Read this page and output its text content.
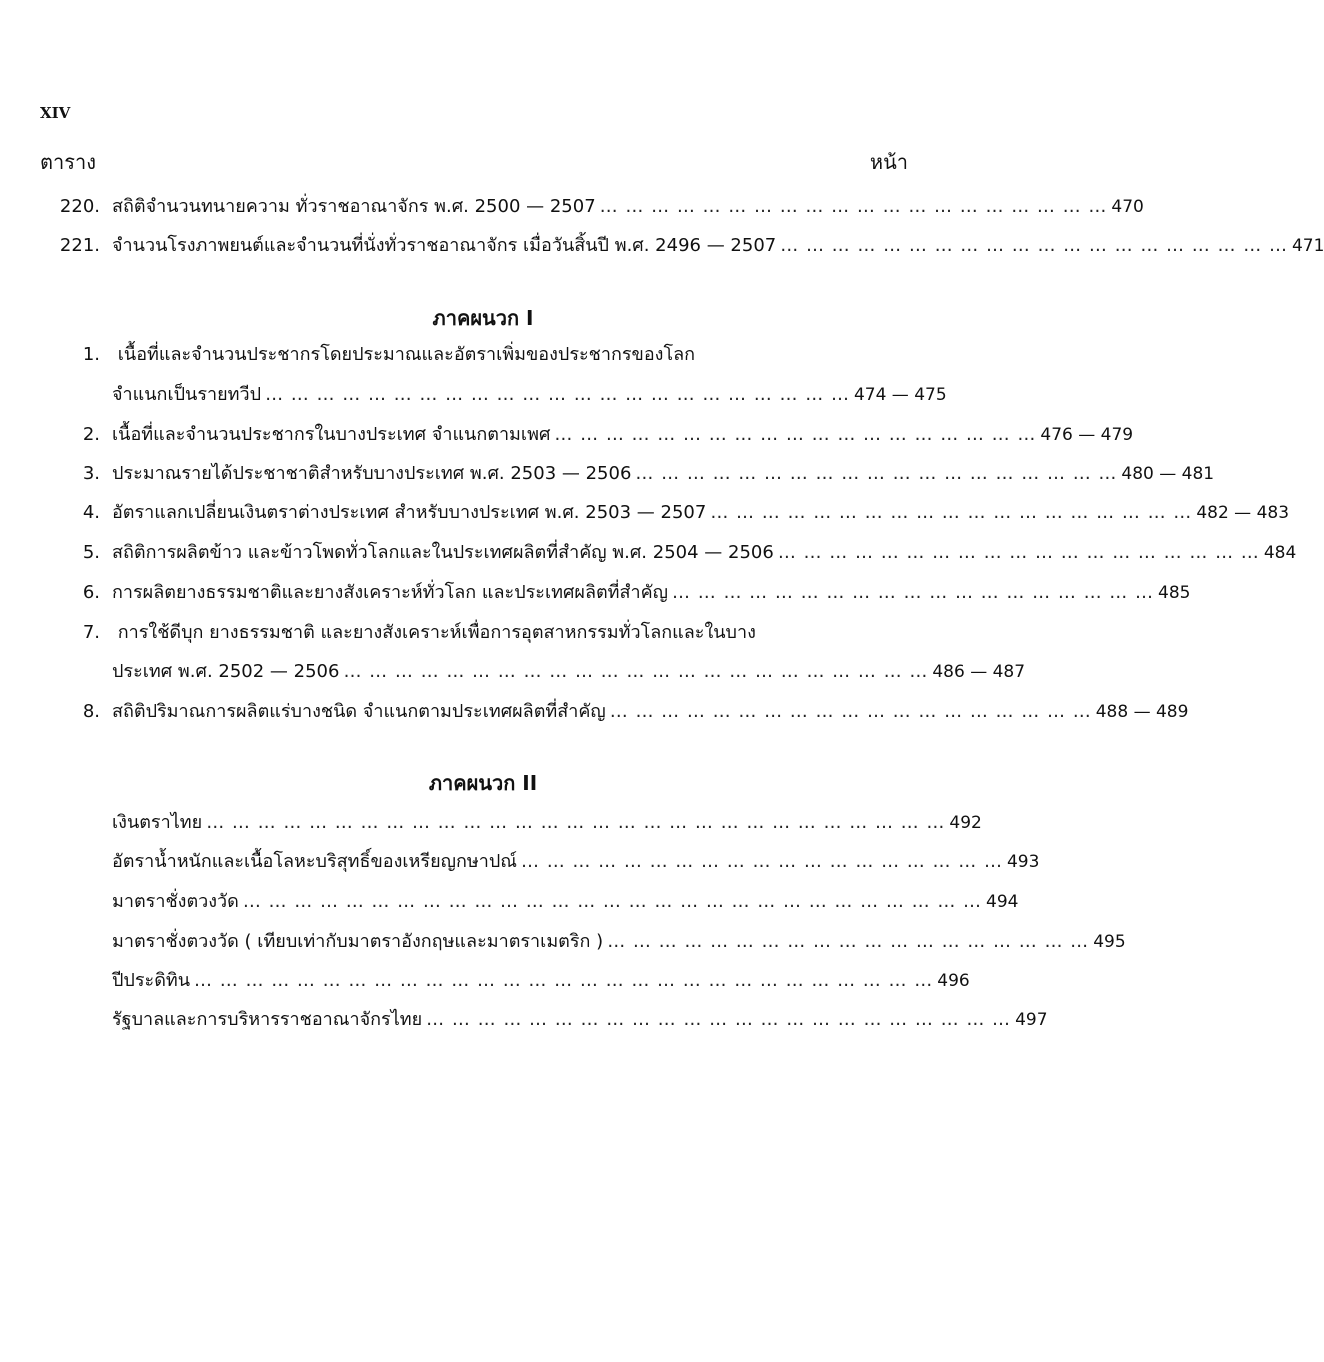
XIV
ตาราง	หน้า
220. สถิติจำนวนทนายความ ทั่วราชอาณาจักร พ.ศ. 2500 — 2507 … … … … … … … … … … … … … … … … … … … … 470
221. จำนวนโรงภาพยนต์และจำนวนที่นั่งทั่วราชอาณาจักร เมื่อวันสิ้นปี พ.ศ. 2496 — 2507 … … … … … … … … … … … … … … … … … … … … 471
ภาคผนวก I
1. เนื้อที่และจำนวนประชากรโดยประมาณและอัตราเพิ่มของประชากรของโลก
จำแนกเป็นรายทวีป … … … … … … … … … … … … … … … … … … … … … … … 474 — 475
2. เนื้อที่และจำนวนประชากรในบางประเทศ จำแนกตามเพศ … … … … … … … … … … … … … … … … … … … 476 — 479
3. ประมาณรายได้ประชาชาติสำหรับบางประเทศ พ.ศ. 2503 — 2506 … … … … … … … … … … … … … … … … … … … 480 — 481
4. อัตราแลกเปลี่ยนเงินตราต่างประเทศ สำหรับบางประเทศ พ.ศ. 2503 — 2507 … … … … … … … … … … … … … … … … … … … 482 — 483
5. สถิติการผลิตข้าว และข้าวโพดทั่วโลกและในประเทศผลิตที่สำคัญ พ.ศ. 2504 — 2506 … … … … … … … … … … … … … … … … … … … 484
6. การผลิตยางธรรมชาติและยางสังเคราะห์ทั่วโลก และประเทศผลิตที่สำคัญ … … … … … … … … … … … … … … … … … … … 485
7. การใช้ดีบุก ยางธรรมชาติ และยางสังเคราะห์เพื่อการอุตสาหกรรมทั่วโลกและในบาง
ประเทศ พ.ศ. 2502 — 2506 … … … … … … … … … … … … … … … … … … … … … … … 486 — 487
8. สถิติปริมาณการผลิตแร่บางชนิด จำแนกตามประเทศผลิตที่สำคัญ … … … … … … … … … … … … … … … … … … … 488 — 489
ภาคผนวก II
เงินตราไทย … … … … … … … … … … … … … … … … … … … … … … … … … … … … … 492
อัตราน้ำหนักและเนื้อโลหะบริสุทธิ์ของเหรียญกษาปณ์ … … … … … … … … … … … … … … … … … … … 493
มาตราชั่งตวงวัด … … … … … … … … … … … … … … … … … … … … … … … … … … … … … 494
มาตราชั่งตวงวัด ( เทียบเท่ากับมาตราอังกฤษและมาตราเมตริก ) … … … … … … … … … … … … … … … … … … … 495
ปีประดิทิน … … … … … … … … … … … … … … … … … … … … … … … … … … … … … 496
รัฐบาลและการบริหารราชอาณาจักรไทย … … … … … … … … … … … … … … … … … … … … … … … 497
